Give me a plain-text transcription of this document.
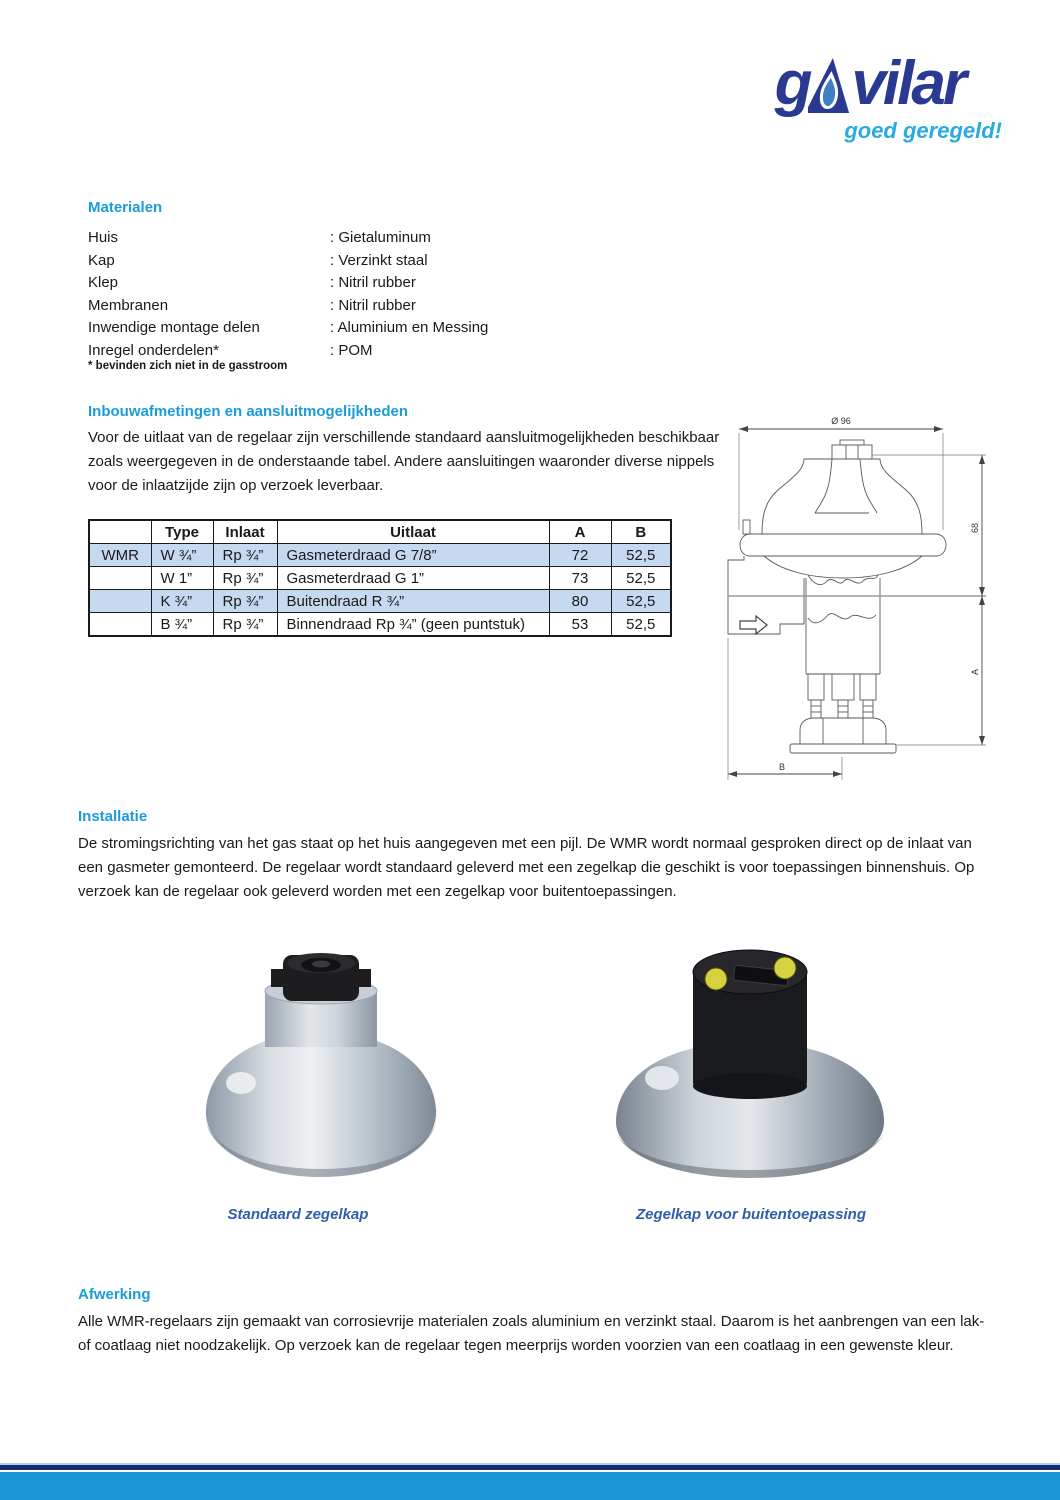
g vilar
goed geregeld!
Materialen
Huis	: Gietaluminum
Kap	: Verzinkt staal
Klep	: Nitril rubber
Membranen	: Nitril rubber
Inwendige montage delen	: Aluminium en Messing
Inregel onderdelen*	: POM
* bevinden zich niet in de gasstroom
Inbouwafmetingen en aansluitmogelijkheden
Voor de uitlaat van de regelaar zijn verschillende standaard aansluitmogelijkheden beschikbaar zoals weergegeven in de onderstaande tabel. Andere aansluitingen waaronder diverse nippels voor de inlaatzijde zijn op verzoek leverbaar.
	Type	Inlaat	Uitlaat	A	B
WMR	W ¾”	Rp ¾”	Gasmeterdraad G 7/8”	72	52,5
	W 1”	Rp ¾”	Gasmeterdraad G 1”	73	52,5
	K ¾”	Rp ¾”	Buitendraad R ¾”	80	52,5
	B ¾”	Rp ¾”	Binnendraad Rp ¾” (geen puntstuk)	53	52,5
Ø 96
68
A
B
Installatie
De stromingsrichting van het gas staat op het huis aangegeven met een pijl. De WMR wordt normaal gesproken direct op de inlaat van een gasmeter gemonteerd. De regelaar wordt standaard geleverd met een zegelkap die geschikt is voor toepassingen binnenshuis. Op verzoek kan de regelaar ook geleverd worden met een zegelkap voor buitentoepassingen.
Standaard zegelkap	Zegelkap voor buitentoepassing
Afwerking
Alle WMR-regelaars zijn gemaakt van corrosievrije materialen zoals aluminium en verzinkt staal. Daarom is het aanbrengen van een lak- of coatlaag niet noodzakelijk. Op verzoek kan de regelaar tegen meerprijs worden voorzien van een coatlaag in een gewenste kleur.
